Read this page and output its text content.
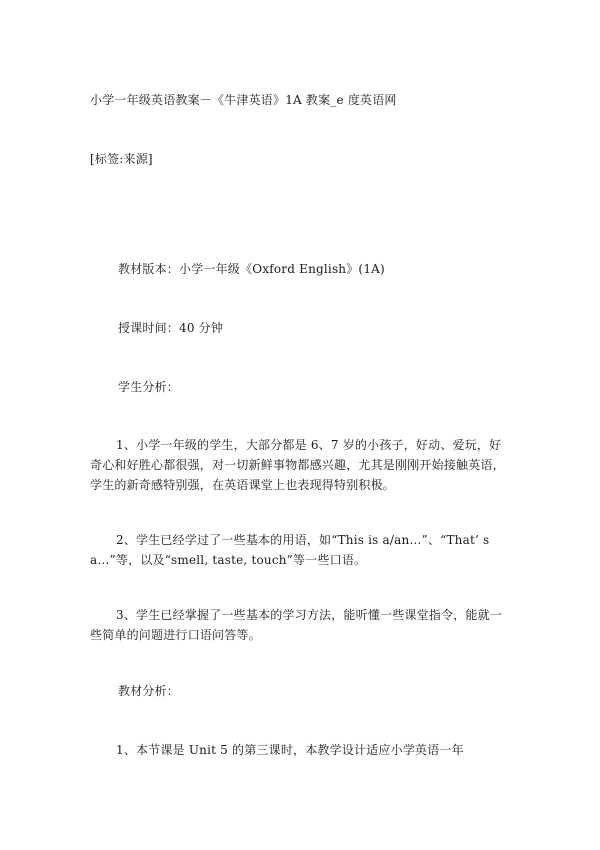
小学一年级英语教案－《牛津英语》1A 教案_e 度英语网
[标签:来源]
教材版本：小学一年级《Oxford English》(1A)
授课时间：40 分钟
学生分析：
1、小学一年级的学生，大部分都是 6、7 岁的小孩子，好动、爱玩，好奇心和好胜心都很强，对一切新鲜事物都感兴趣，尤其是刚刚开始接触英语，学生的新奇感特别强，在英语课堂上也表现得特别积极。
2、学生已经学过了一些基本的用语，如“This is a/an…”、“That’ s a…”等，以及“smell, taste, touch”等一些口语。
3、学生已经掌握了一些基本的学习方法，能听懂一些课堂指令，能就一些简单的问题进行口语问答等。
教材分析：
1、本节课是 Unit 5 的第三课时，本教学设计适应小学英语一年
